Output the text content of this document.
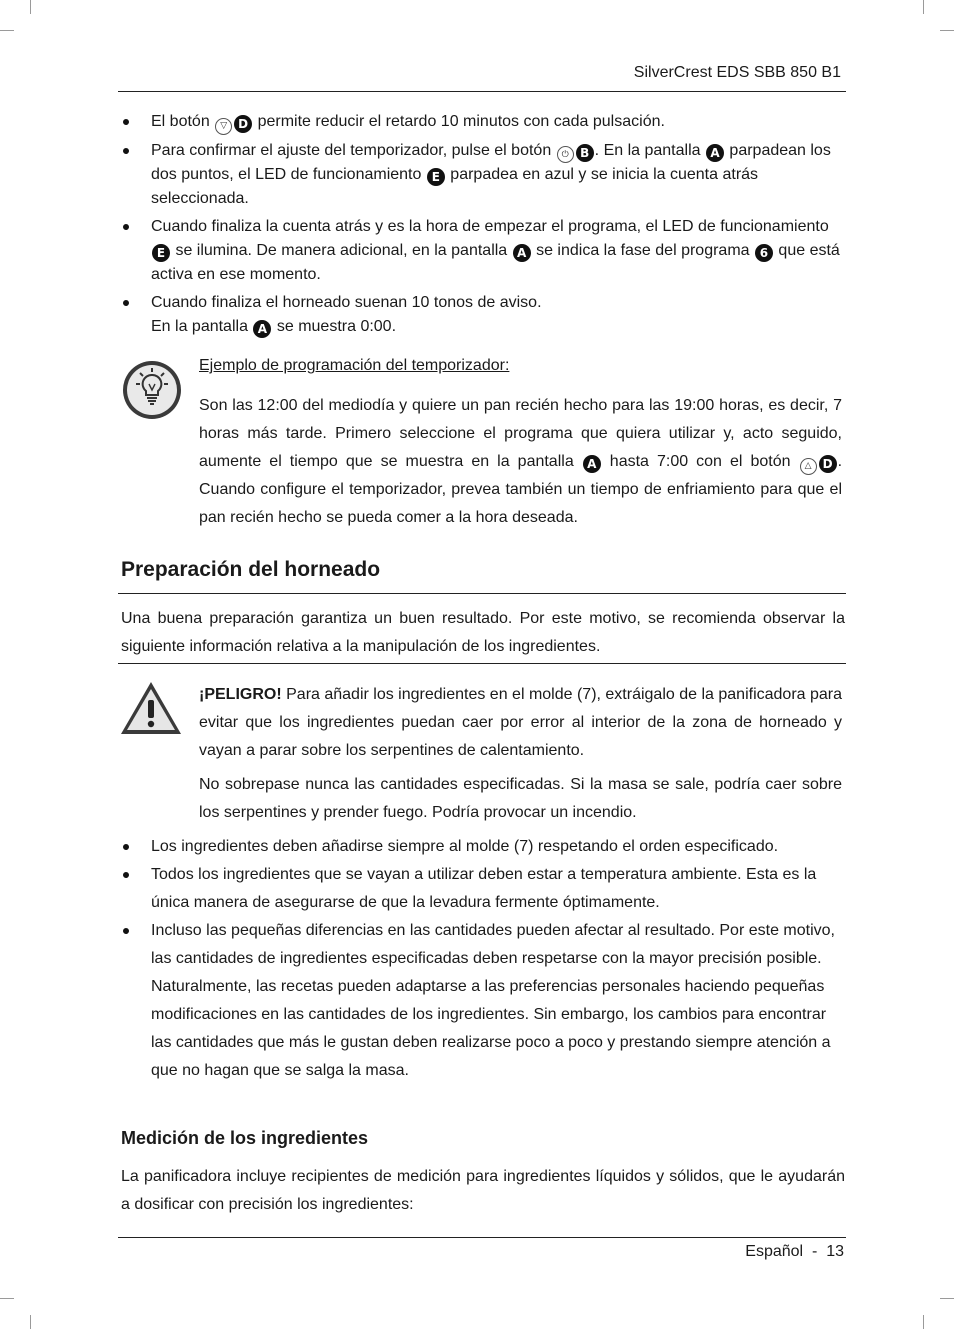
SilverCrest EDS SBB 850 B1
El botón ▽ D permite reducir el retardo 10 minutos con cada pulsación.
Para confirmar el ajuste del temporizador, pulse el botón ⏻ B . En la pantalla A parpadean los dos puntos, el LED de funcionamiento E parpadea en azul y se inicia la cuenta atrás seleccionada.
Cuando finaliza la cuenta atrás y es la hora de empezar el programa, el LED de funcionamiento E se ilumina. De manera adicional, en la pantalla A se indica la fase del programa 6 que está activa en ese momento.
Cuando finaliza el horneado suenan 10 tonos de aviso.
En la pantalla A se muestra 0:00.
Ejemplo de programación del temporizador:
Son las 12:00 del mediodía y quiere un pan recién hecho para las 19:00 horas, es decir, 7 horas más tarde. Primero seleccione el programa que quiera utilizar y, acto seguido, aumente el tiempo que se muestra en la pantalla A hasta 7:00 con el botón △ D . Cuando configure el temporizador, prevea también un tiempo de enfriamiento para que el pan recién hecho se pueda comer a la hora deseada.
Preparación del horneado
Una buena preparación garantiza un buen resultado. Por este motivo, se recomienda observar la siguiente información relativa a la manipulación de los ingredientes.

¡PELIGRO! Para añadir los ingredientes en el molde (7), extráigalo de la panificadora para evitar que los ingredientes puedan caer por error al interior de la zona de horneado y vayan a parar sobre los serpentines de calentamiento.

No sobrepase nunca las cantidades especificadas. Si la masa se sale, podría caer sobre los serpentines y prender fuego. Podría provocar un incendio.

Los ingredientes deben añadirse siempre al molde (7) respetando el orden especificado.
Todos los ingredientes que se vayan a utilizar deben estar a temperatura ambiente. Esta es la única manera de asegurarse de que la levadura fermente óptimamente.
Incluso las pequeñas diferencias en las cantidades pueden afectar al resultado. Por este motivo, las cantidades de ingredientes especificadas deben respetarse con la mayor precisión posible.
Naturalmente, las recetas pueden adaptarse a las preferencias personales haciendo pequeñas modificaciones en las cantidades de los ingredientes. Sin embargo, los cambios para encontrar las cantidades que más le gustan deben realizarse poco a poco y prestando siempre atención a que no hagan que se salga la masa.
Medición de los ingredientes
La panificadora incluye recipientes de medición para ingredientes líquidos y sólidos, que le ayudarán a dosificar con precisión los ingredientes:
Español  -  13
